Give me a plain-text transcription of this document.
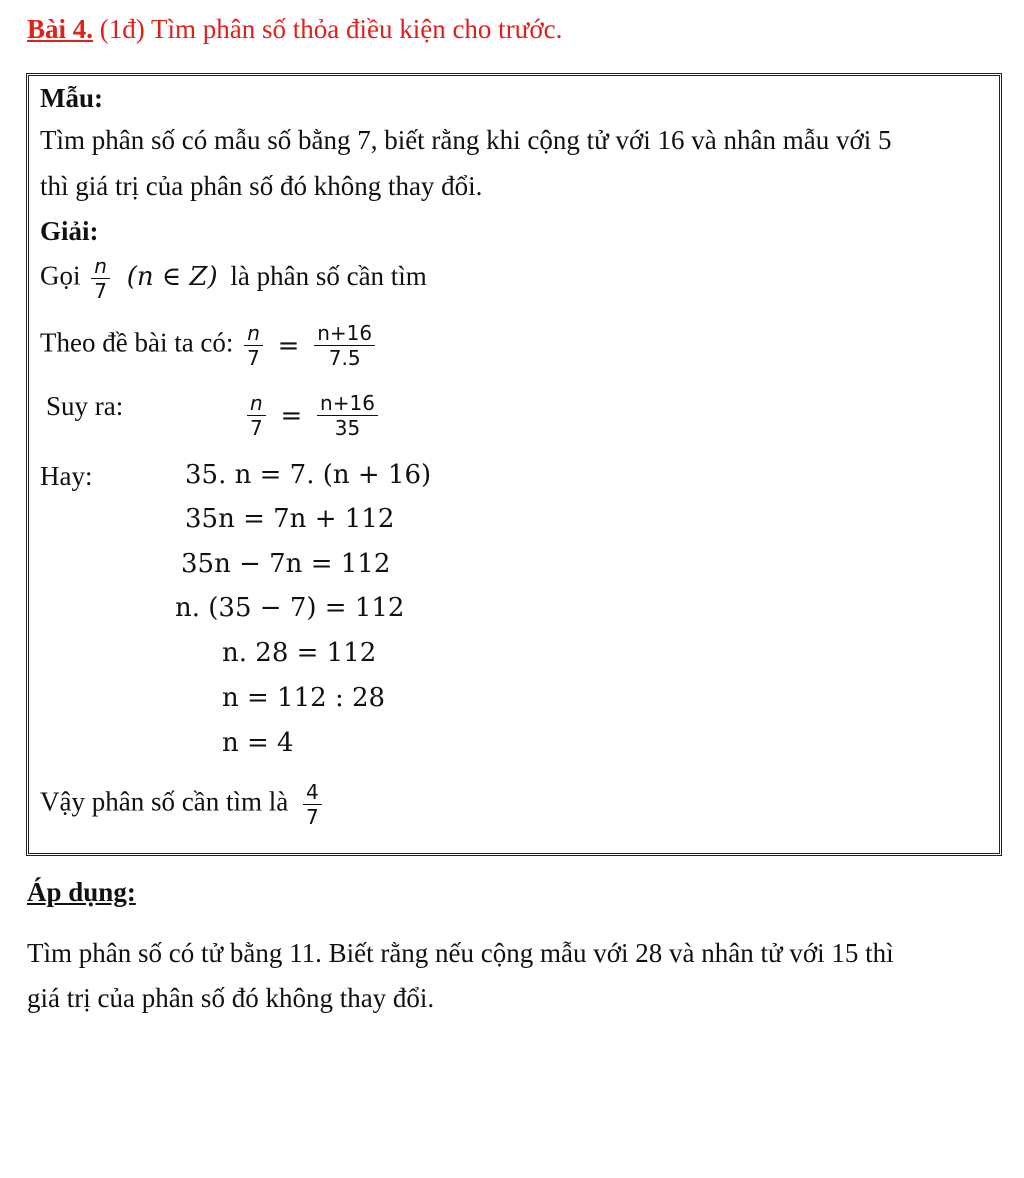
Bài 4. (1đ) Tìm phân số thỏa điều kiện cho trước.
Mẫu:
Tìm phân số có mẫu số bằng 7, biết rằng khi cộng tử với 16 và nhân mẫu với 5
thì giá trị của phân số đó không thay đổi.
Giải:
Gọi $\frac{n}{7} (n$ ∈ Z) là phân số cần tìm
Theo đề bài ta có: $\frac{n}{7} = \frac{n+16}{7.5}$
Suy ra:	$\frac{n}{7} = \frac{n+16}{35}$
Hay:	35. n = 7. (n + 16)
35n = 7n + 112
35n − 7n = 112
n. (35 − 7) = 112
n. 28 = 112
n = 112 : 28
n = 4
Vậy phân số cần tìm là $\frac{4}{7}$
Áp dụng:
Tìm phân số có tử bằng 11. Biết rằng nếu cộng mẫu với 28 và nhân tử với 15 thì
giá trị của phân số đó không thay đổi.
